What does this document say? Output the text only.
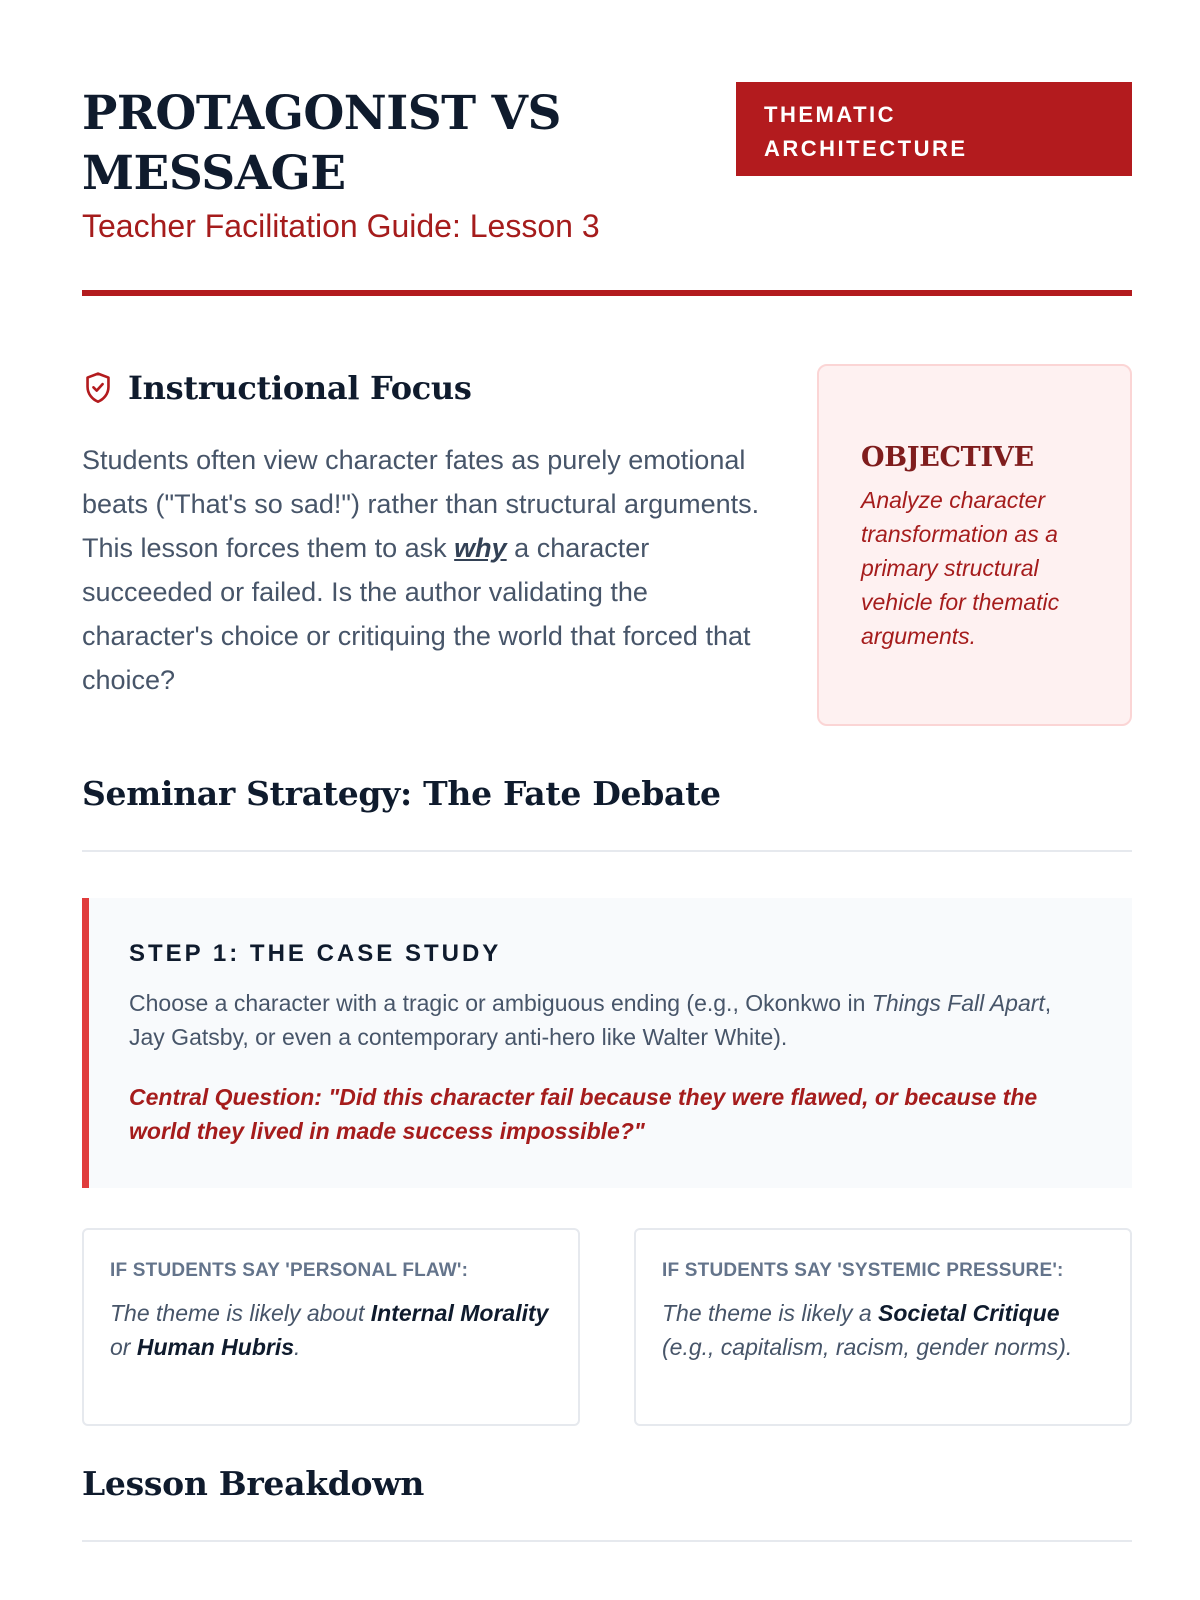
PROTAGONIST VS MESSAGE
Teacher Facilitation Guide: Lesson 3
THEMATIC ARCHITECTURE
Instructional Focus

Students often view character fates as purely emotional beats ("That's so sad!") rather than structural arguments. This lesson forces them to ask why a character succeeded or failed. Is the author validating the character's choice or critiquing the world that forced that choice?

OBJECTIVE

Analyze character transformation as a primary structural vehicle for thematic arguments.

Seminar Strategy: The Fate Debate

STEP 1: THE CASE STUDY

Choose a character with a tragic or ambiguous ending (e.g., Okonkwo in Things Fall Apart, Jay Gatsby, or even a contemporary anti-hero like Walter White).

Central Question: "Did this character fail because they were flawed, or because the world they lived in made success impossible?"

IF STUDENTS SAY 'PERSONAL FLAW':

The theme is likely about Internal Morality or Human Hubris.

IF STUDENTS SAY 'SYSTEMIC PRESSURE':

The theme is likely a Societal Critique (e.g., capitalism, racism, gender norms).

Lesson Breakdown
